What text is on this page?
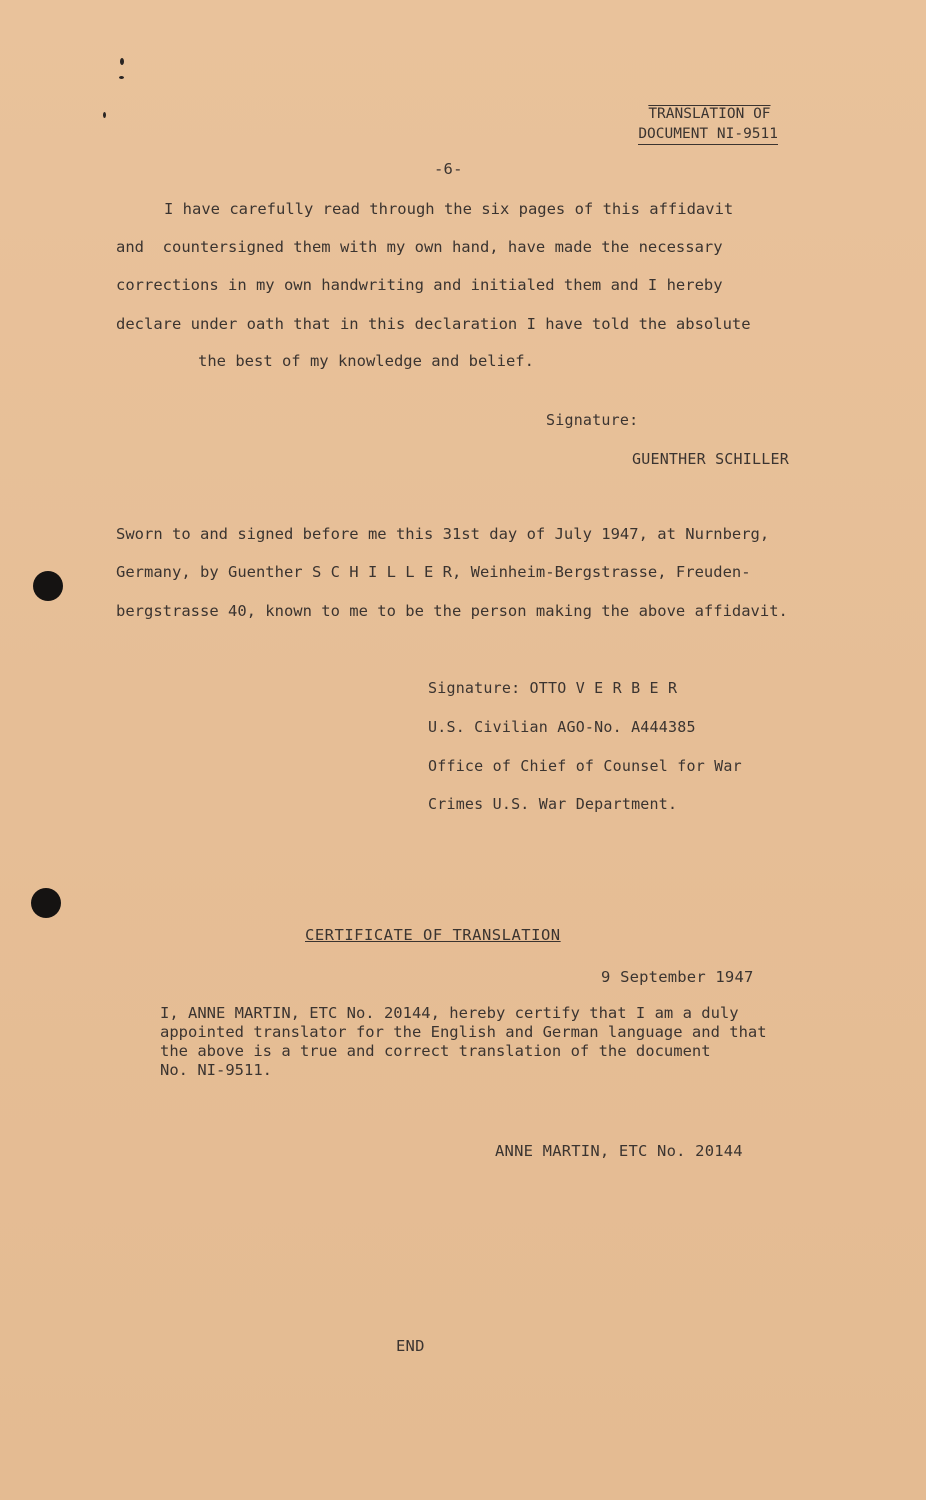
TRANSLATION OF
DOCUMENT NI-9511
-6-
I have carefully read through the six pages of this affidavit
and  countersigned them with my own hand, have made the necessary
corrections in my own handwriting and initialed them and I hereby
declare under oath that in this declaration I have told the absolute
the best of my knowledge and belief.
Signature:
GUENTHER SCHILLER
Sworn to and signed before me this 31st day of July 1947, at Nurnberg,
Germany, by Guenther S C H I L L E R, Weinheim-Bergstrasse, Freuden-
bergstrasse 40, known to me to be the person making the above affidavit.
Signature: OTTO V E R B E R
U.S. Civilian AGO-No. A444385
Office of Chief of Counsel for War
Crimes U.S. War Department.
CERTIFICATE OF TRANSLATION
9 September 1947
I, ANNE MARTIN, ETC No. 20144, hereby certify that I am a duly
appointed translator for the English and German language and that
the above is a true and correct translation of the document
No. NI-9511.
ANNE MARTIN, ETC No. 20144
END
